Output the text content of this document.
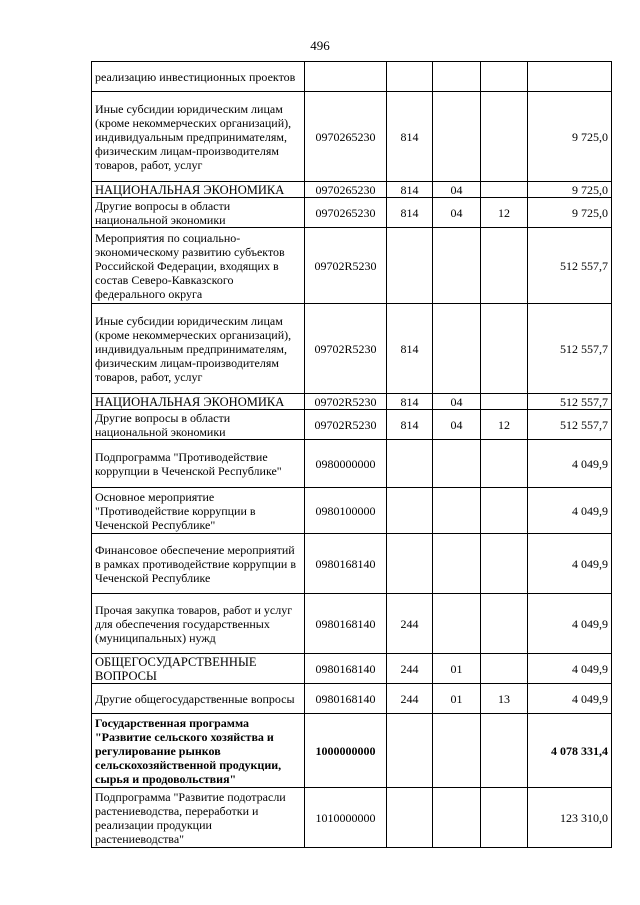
496
реализацию инвестиционных проектов					
Иные субсидии юридическим лицам (кроме некоммерческих организаций), индивидуальным предпринимателям, физическим лицам-производителям товаров, работ, услуг	0970265230	814			9 725,0
НАЦИОНАЛЬНАЯ ЭКОНОМИКА	0970265230	814	04		9 725,0
Другие вопросы в области национальной экономики	0970265230	814	04	12	9 725,0
Мероприятия по социально-экономическому развитию субъектов Российской Федерации, входящих в состав Северо-Кавказского федерального округа	09702R5230				512 557,7
Иные субсидии юридическим лицам (кроме некоммерческих организаций), индивидуальным предпринимателям, физическим лицам-производителям товаров, работ, услуг	09702R5230	814			512 557,7
НАЦИОНАЛЬНАЯ ЭКОНОМИКА	09702R5230	814	04		512 557,7
Другие вопросы в области национальной экономики	09702R5230	814	04	12	512 557,7
Подпрограмма "Противодействие коррупции в Чеченской Республике"	0980000000				4 049,9
Основное мероприятие "Противодействие коррупции в Чеченской Республике"	0980100000				4 049,9
Финансовое обеспечение мероприятий в рамках противодействие коррупции в Чеченской Республике	0980168140				4 049,9
Прочая закупка товаров, работ и услуг для обеспечения государственных (муниципальных) нужд	0980168140	244			4 049,9
ОБЩЕГОСУДАРСТВЕННЫЕ ВОПРОСЫ	0980168140	244	01		4 049,9
Другие общегосударственные вопросы	0980168140	244	01	13	4 049,9
Государственная программа "Развитие сельского хозяйства и регулирование рынков сельскохозяйственной продукции, сырья и продовольствия"	1000000000				4 078 331,4
Подпрограмма "Развитие подотрасли растениеводства, переработки и реализации продукции растениеводства"	1010000000				123 310,0
